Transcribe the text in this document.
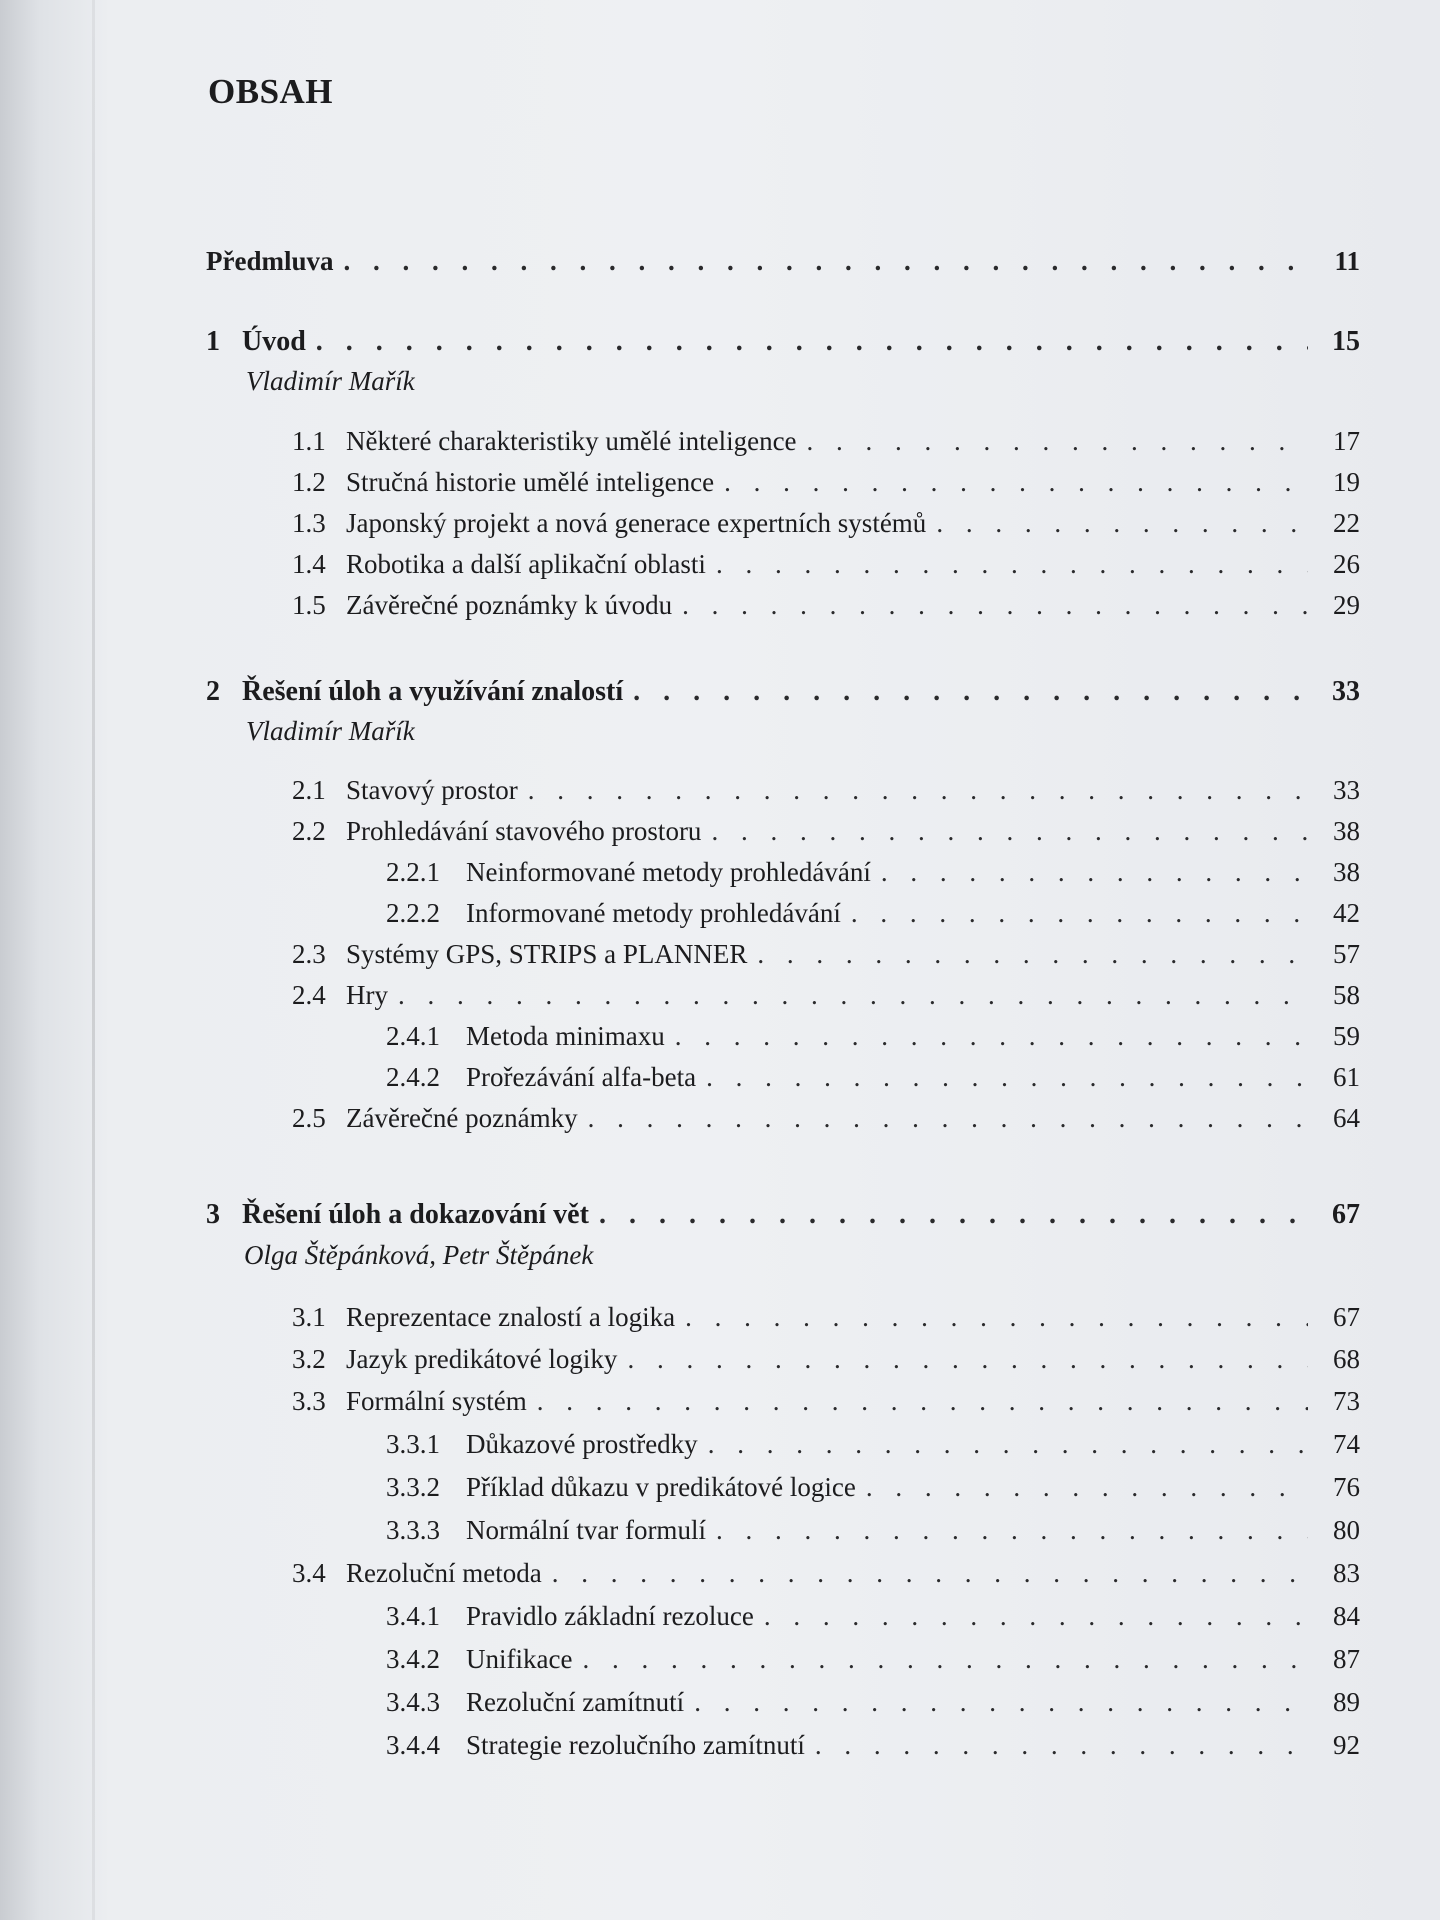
OBSAH
Předmluva . . .	11
1 Úvod . . .	15
Vladimír Mařík
1.1 Některé charakteristiky umělé inteligence . . .	17
1.2 Stručná historie umělé inteligence . . .	19
1.3 Japonský projekt a nová generace expertních systémů . . .	22
1.4 Robotika a další aplikační oblasti . . .	26
1.5 Závěrečné poznámky k úvodu . . .	29
2 Řešení úloh a využívání znalostí . . .	33
Vladimír Mařík
2.1 Stavový prostor . . .	33
2.2 Prohledávání stavového prostoru . . .	38
2.2.1 Neinformované metody prohledávání . . .	38
2.2.2 Informované metody prohledávání . . .	42
2.3 Systémy GPS, STRIPS a PLANNER . . .	57
2.4 Hry . . .	58
2.4.1 Metoda minimaxu . . .	59
2.4.2 Prořezávání alfa-beta . . .	61
2.5 Závěrečné poznámky . . .	64
3 Řešení úloh a dokazování vět . . .	67
Olga Štěpánková, Petr Štěpánek
3.1 Reprezentace znalostí a logika . . .	67
3.2 Jazyk predikátové logiky . . .	68
3.3 Formální systém . . .	73
3.3.1 Důkazové prostředky . . .	74
3.3.2 Příklad důkazu v predikátové logice . . .	76
3.3.3 Normální tvar formulí . . .	80
3.4 Rezoluční metoda . . .	83
3.4.1 Pravidlo základní rezoluce . . .	84
3.4.2 Unifikace . . .	87
3.4.3 Rezoluční zamítnutí . . .	89
3.4.4 Strategie rezolučního zamítnutí . . .	92
